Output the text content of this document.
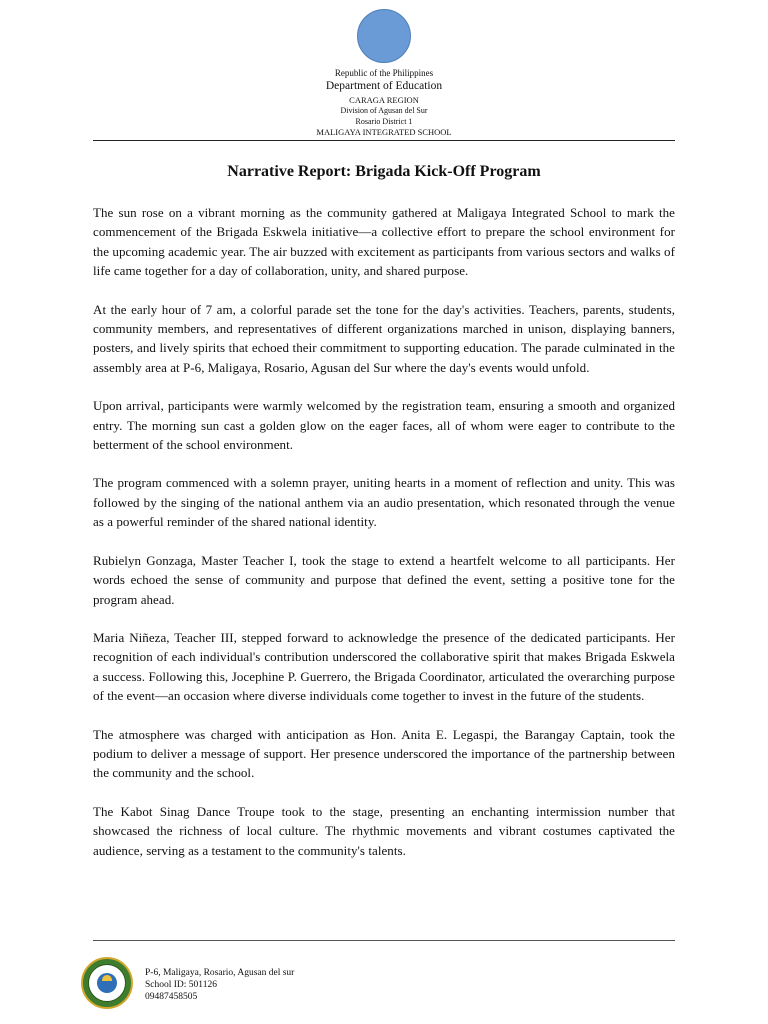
Republic of the Philippines
Department of Education
CARAGA REGION
Division of Agusan del Sur
Rosario District 1
MALIGAYA INTEGRATED SCHOOL
Narrative Report: Brigada Kick-Off Program

The sun rose on a vibrant morning as the community gathered at Maligaya Integrated School to mark the commencement of the Brigada Eskwela initiative—a collective effort to prepare the school environment for the upcoming academic year. The air buzzed with excitement as participants from various sectors and walks of life came together for a day of collaboration, unity, and shared purpose.

At the early hour of 7 am, a colorful parade set the tone for the day's activities. Teachers, parents, students, community members, and representatives of different organizations marched in unison, displaying banners, posters, and lively spirits that echoed their commitment to supporting education. The parade culminated in the assembly area at P-6, Maligaya, Rosario, Agusan del Sur where the day's events would unfold.

Upon arrival, participants were warmly welcomed by the registration team, ensuring a smooth and organized entry. The morning sun cast a golden glow on the eager faces, all of whom were eager to contribute to the betterment of the school environment.

The program commenced with a solemn prayer, uniting hearts in a moment of reflection and unity. This was followed by the singing of the national anthem via an audio presentation, which resonated through the venue as a powerful reminder of the shared national identity.

Rubielyn Gonzaga, Master Teacher I, took the stage to extend a heartfelt welcome to all participants. Her words echoed the sense of community and purpose that defined the event, setting a positive tone for the program ahead.

Maria Niñeza, Teacher III, stepped forward to acknowledge the presence of the dedicated participants. Her recognition of each individual's contribution underscored the collaborative spirit that makes Brigada Eskwela a success. Following this, Jocephine P. Guerrero, the Brigada Coordinator, articulated the overarching purpose of the event—an occasion where diverse individuals come together to invest in the future of the students.

The atmosphere was charged with anticipation as Hon. Anita E. Legaspi, the Barangay Captain, took the podium to deliver a message of support. Her presence underscored the importance of the partnership between the community and the school.

The Kabot Sinag Dance Troupe took to the stage, presenting an enchanting intermission number that showcased the richness of local culture. The rhythmic movements and vibrant costumes captivated the audience, serving as a testament to the community's talents.

P-6, Maligaya, Rosario, Agusan del sur
School ID: 501126
09487458505
